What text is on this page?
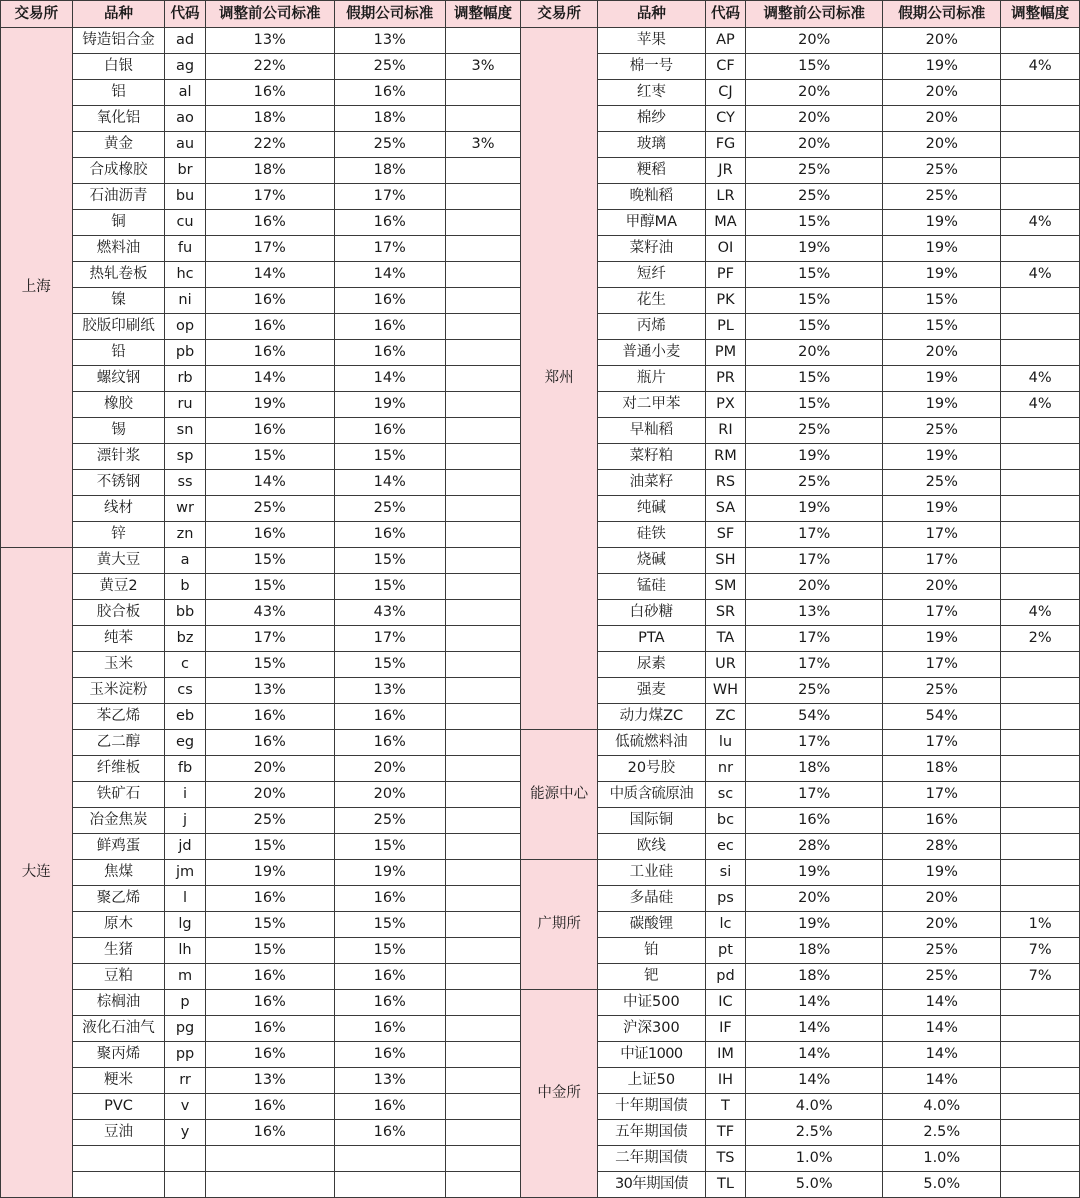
交易所	品种	代码	调整前公司标准	假期公司标准	调整幅度	交易所	品种	代码	调整前公司标准	假期公司标准	调整幅度
上海	铸造铝合金	ad	13%	13%		郑州	苹果	AP	20%	20%	
	白银	ag	22%	25%	3%		棉一号	CF	15%	19%	4%
	铝	al	16%	16%			红枣	CJ	20%	20%	
	氧化铝	ao	18%	18%			棉纱	CY	20%	20%	
	黄金	au	22%	25%	3%		玻璃	FG	20%	20%	
	合成橡胶	br	18%	18%			粳稻	JR	25%	25%	
	石油沥青	bu	17%	17%			晚籼稻	LR	25%	25%	
	铜	cu	16%	16%			甲醇MA	MA	15%	19%	4%
	燃料油	fu	17%	17%			菜籽油	OI	19%	19%	
	热轧卷板	hc	14%	14%			短纤	PF	15%	19%	4%
	镍	ni	16%	16%			花生	PK	15%	15%	
	胶版印刷纸	op	16%	16%			丙烯	PL	15%	15%	
	铅	pb	16%	16%			普通小麦	PM	20%	20%	
	螺纹钢	rb	14%	14%			瓶片	PR	15%	19%	4%
	橡胶	ru	19%	19%			对二甲苯	PX	15%	19%	4%
	锡	sn	16%	16%			早籼稻	RI	25%	25%	
	漂针浆	sp	15%	15%			菜籽粕	RM	19%	19%	
	不锈钢	ss	14%	14%			油菜籽	RS	25%	25%	
	线材	wr	25%	25%			纯碱	SA	19%	19%	
	锌	zn	16%	16%			硅铁	SF	17%	17%	
大连	黄大豆	a	15%	15%			烧碱	SH	17%	17%	
	黄豆2	b	15%	15%			锰硅	SM	20%	20%	
	胶合板	bb	43%	43%			白砂糖	SR	13%	17%	4%
	纯苯	bz	17%	17%			PTA	TA	17%	19%	2%
	玉米	c	15%	15%			尿素	UR	17%	17%	
	玉米淀粉	cs	13%	13%			强麦	WH	25%	25%	
	苯乙烯	eb	16%	16%			动力煤ZC	ZC	54%	54%	
	乙二醇	eg	16%	16%		能源中心	低硫燃料油	lu	17%	17%	
	纤维板	fb	20%	20%			20号胶	nr	18%	18%	
	铁矿石	i	20%	20%			中质含硫原油	sc	17%	17%	
	冶金焦炭	j	25%	25%			国际铜	bc	16%	16%	
	鲜鸡蛋	jd	15%	15%			欧线	ec	28%	28%	
	焦煤	jm	19%	19%		广期所	工业硅	si	19%	19%	
	聚乙烯	l	16%	16%			多晶硅	ps	20%	20%	
	原木	lg	15%	15%			碳酸锂	lc	19%	20%	1%
	生猪	lh	15%	15%			铂	pt	18%	25%	7%
	豆粕	m	16%	16%			钯	pd	18%	25%	7%
	棕榈油	p	16%	16%		中金所	中证500	IC	14%	14%	
	液化石油气	pg	16%	16%			沪深300	IF	14%	14%	
	聚丙烯	pp	16%	16%			中证1000	IM	14%	14%	
	粳米	rr	13%	13%			上证50	IH	14%	14%	
	PVC	v	16%	16%			十年期国债	T	4.0%	4.0%	
	豆油	y	16%	16%			五年期国债	TF	2.5%	2.5%	
							二年期国债	TS	1.0%	1.0%	
							30年期国债	TL	5.0%	5.0%	
